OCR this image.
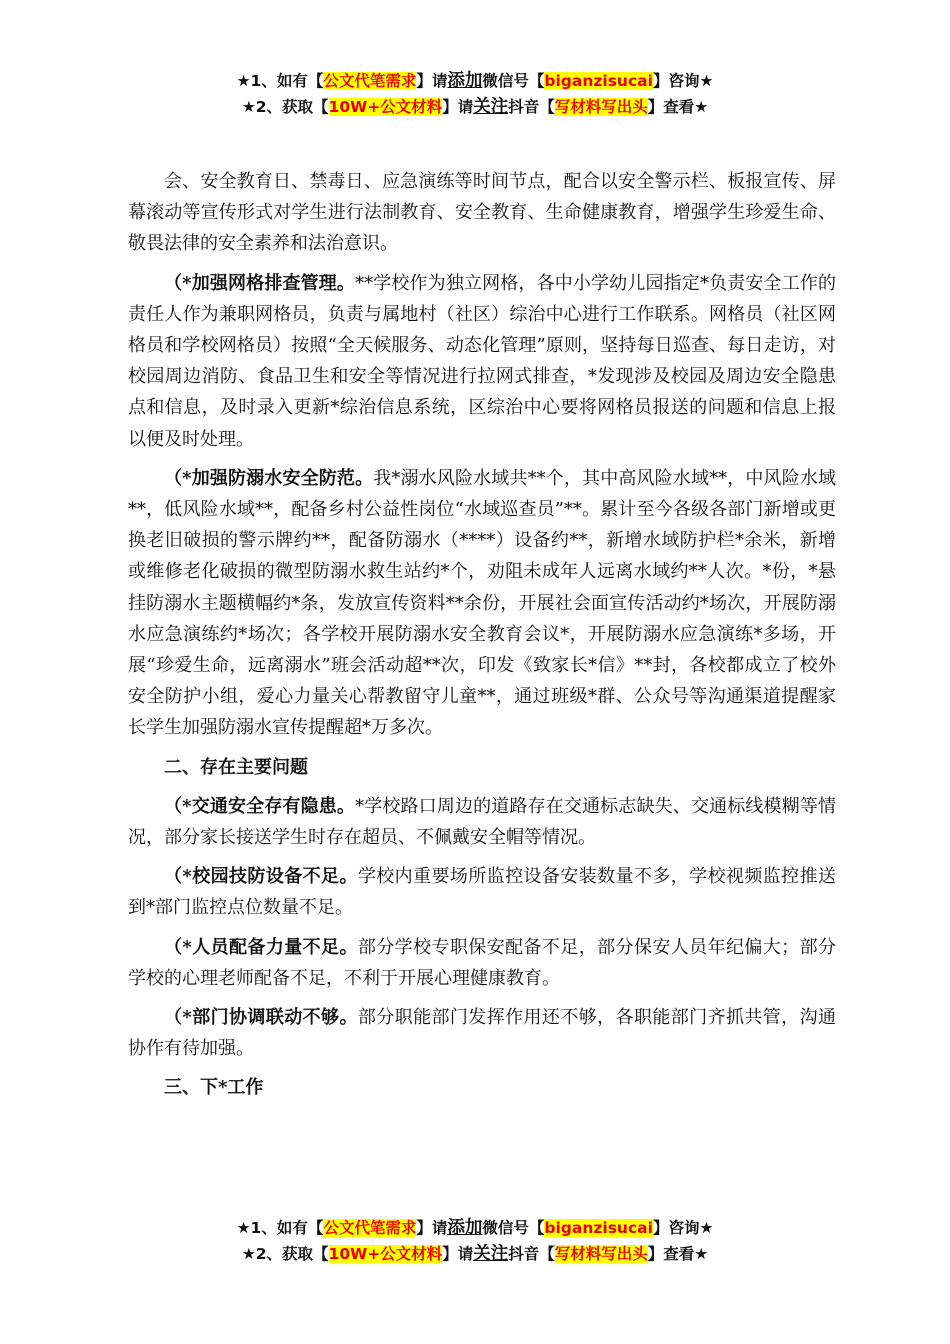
★1、如有【公文代笔需求】请添加微信号【biganzisucai】咨询★
★2、获取【10W+公文材料】请关注抖音【写材料写出头】查看★

会、安全教育日、禁毒日、应急演练等时间节点，配合以安全警示栏、板报宣传、屏幕滚动等宣传形式对学生进行法制教育、安全教育、生命健康教育，增强学生珍爱生命、敬畏法律的安全素养和法治意识。

（*加强网格排查管理。**学校作为独立网格，各中小学幼儿园指定*负责安全工作的责任人作为兼职网格员，负责与属地村（社区）综治中心进行工作联系。网格员（社区网格员和学校网格员）按照“全天候服务、动态化管理”原则，坚持每日巡查、每日走访，对校园周边消防、食品卫生和安全等情况进行拉网式排查，*发现涉及校园及周边安全隐患点和信息，及时录入更新*综治信息系统，区综治中心要将网格员报送的问题和信息上报以便及时处理。

（*加强防溺水安全防范。我*溺水风险水域共**个，其中高风险水域**，中风险水域**，低风险水域**，配备乡村公益性岗位“水域巡查员”**。累计至今各级各部门新增或更换老旧破损的警示牌约**，配备防溺水（****）设备约**，新增水域防护栏*余米，新增或维修老化破损的微型防溺水救生站约*个，劝阻未成年人远离水域约**人次。*份，*悬挂防溺水主题横幅约*条，发放宣传资料**余份，开展社会面宣传活动约*场次，开展防溺水应急演练约*场次；各学校开展防溺水安全教育会议*，开展防溺水应急演练*多场，开展“珍爱生命，远离溺水”班会活动超**次，印发《致家长*信》**封，各校都成立了校外安全防护小组，爱心力量关心帮教留守儿童**，通过班级*群、公众号等沟通渠道提醒家长学生加强防溺水宣传提醒超*万多次。

二、存在主要问题

（*交通安全存有隐患。*学校路口周边的道路存在交通标志缺失、交通标线模糊等情况，部分家长接送学生时存在超员、不佩戴安全帽等情况。

（*校园技防设备不足。学校内重要场所监控设备安装数量不多，学校视频监控推送到*部门监控点位数量不足。

（*人员配备力量不足。部分学校专职保安配备不足，部分保安人员年纪偏大；部分学校的心理老师配备不足，不利于开展心理健康教育。

（*部门协调联动不够。部分职能部门发挥作用还不够，各职能部门齐抓共管，沟通协作有待加强。

三、下*工作

★1、如有【公文代笔需求】请添加微信号【biganzisucai】咨询★
★2、获取【10W+公文材料】请关注抖音【写材料写出头】查看★
